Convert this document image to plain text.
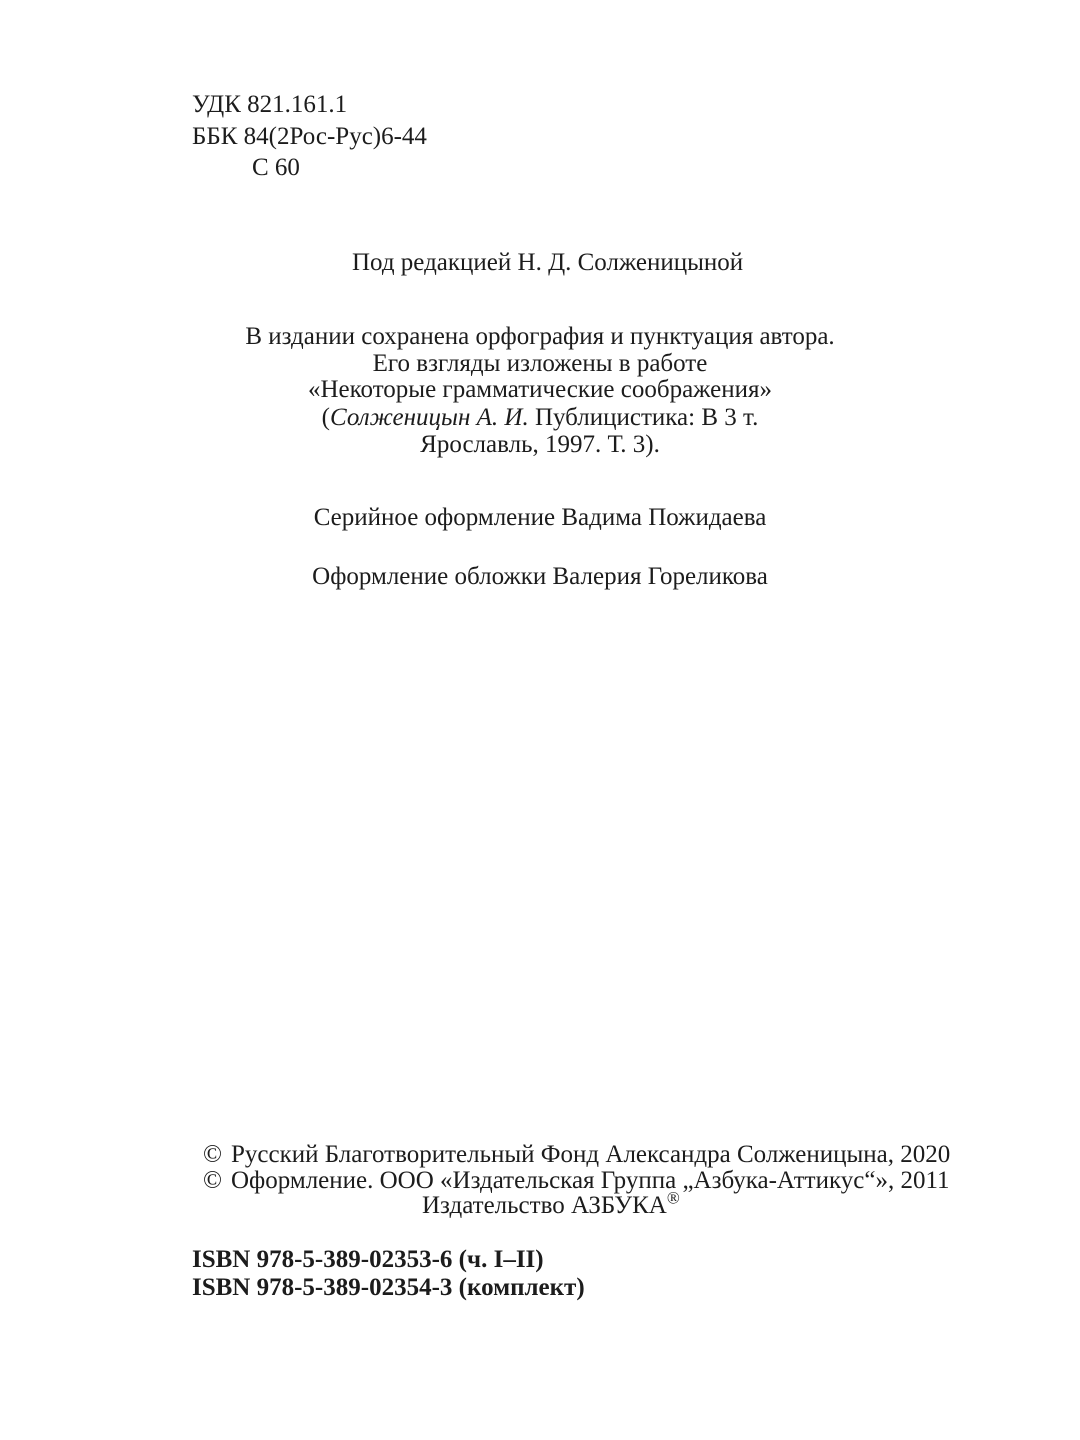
УДК 821.161.1
ББК 84(2Рос-Рус)6-44
С 60
Под редакцией Н. Д. Солженицыной
В издании сохранена орфография и пунктуация автора.
Его взгляды изложены в работе
«Некоторые грамматические соображения»
(Солженицын А. И. Публицистика: В 3 т.
Ярославль, 1997. Т. 3).
Серийное оформление Вадима Пожидаева
Оформление обложки Валерия Гореликова
© Русский Благотворительный Фонд Александра Солженицына, 2020
© Оформление. ООО «Издательская Группа „Азбука-Аттикус“», 2011
Издательство АЗБУКА®
ISBN 978-5-389-02353-6 (ч. I–II)
ISBN 978-5-389-02354-3 (комплект)
